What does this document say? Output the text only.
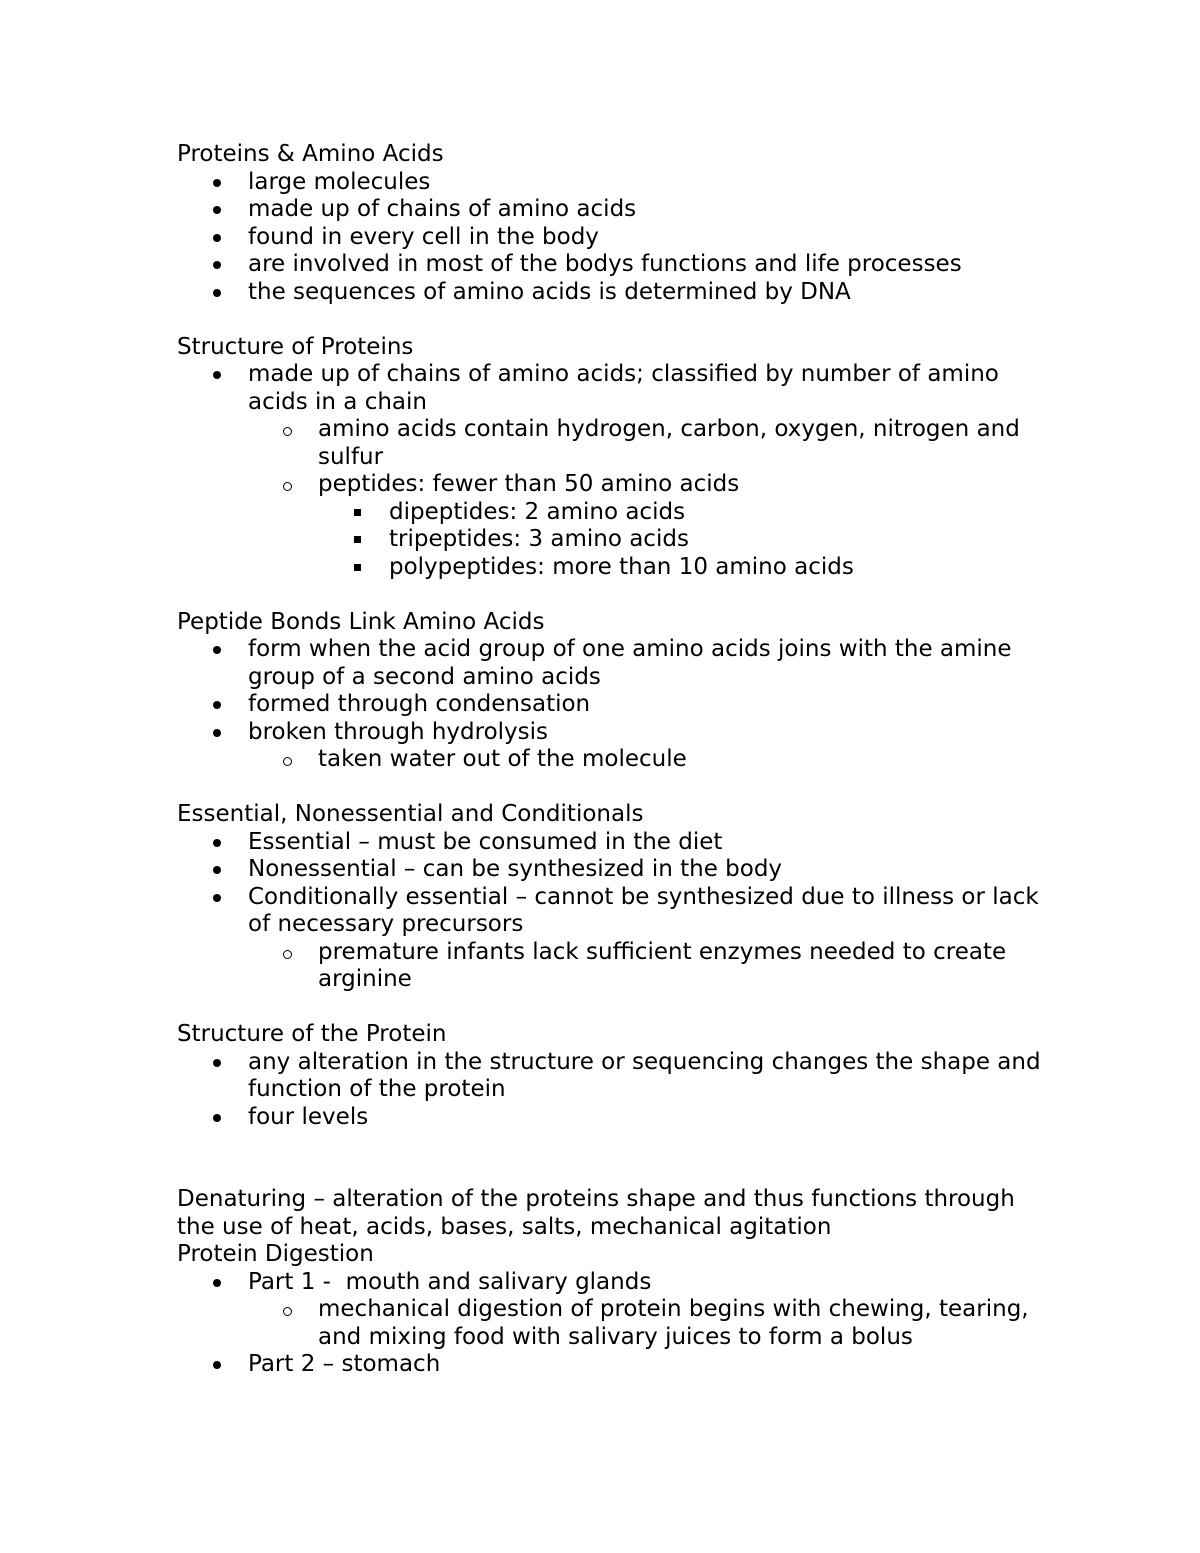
Proteins & Amino Acids
large molecules
made up of chains of amino acids
found in every cell in the body
are involved in most of the bodys functions and life processes
the sequences of amino acids is determined by DNA
Structure of Proteins
made up of chains of amino acids; classified by number of amino acids in a chain
amino acids contain hydrogen, carbon, oxygen, nitrogen and sulfur
peptides: fewer than 50 amino acids
dipeptides: 2 amino acids
tripeptides: 3 amino acids
polypeptides: more than 10 amino acids
Peptide Bonds Link Amino Acids
form when the acid group of one amino acids joins with the amine group of a second amino acids
formed through condensation
broken through hydrolysis
taken water out of the molecule
Essential, Nonessential and Conditionals
Essential – must be consumed in the diet
Nonessential – can be synthesized in the body
Conditionally essential – cannot be synthesized due to illness or lack of necessary precursors
premature infants lack sufficient enzymes needed to create arginine
Structure of the Protein
any alteration in the structure or sequencing changes the shape and function of the protein
four levels

Denaturing – alteration of the proteins shape and thus functions through the use of heat, acids, bases, salts, mechanical agitation

Protein Digestion
Part 1 -  mouth and salivary glands
mechanical digestion of protein begins with chewing, tearing, and mixing food with salivary juices to form a bolus
Part 2 – stomach
